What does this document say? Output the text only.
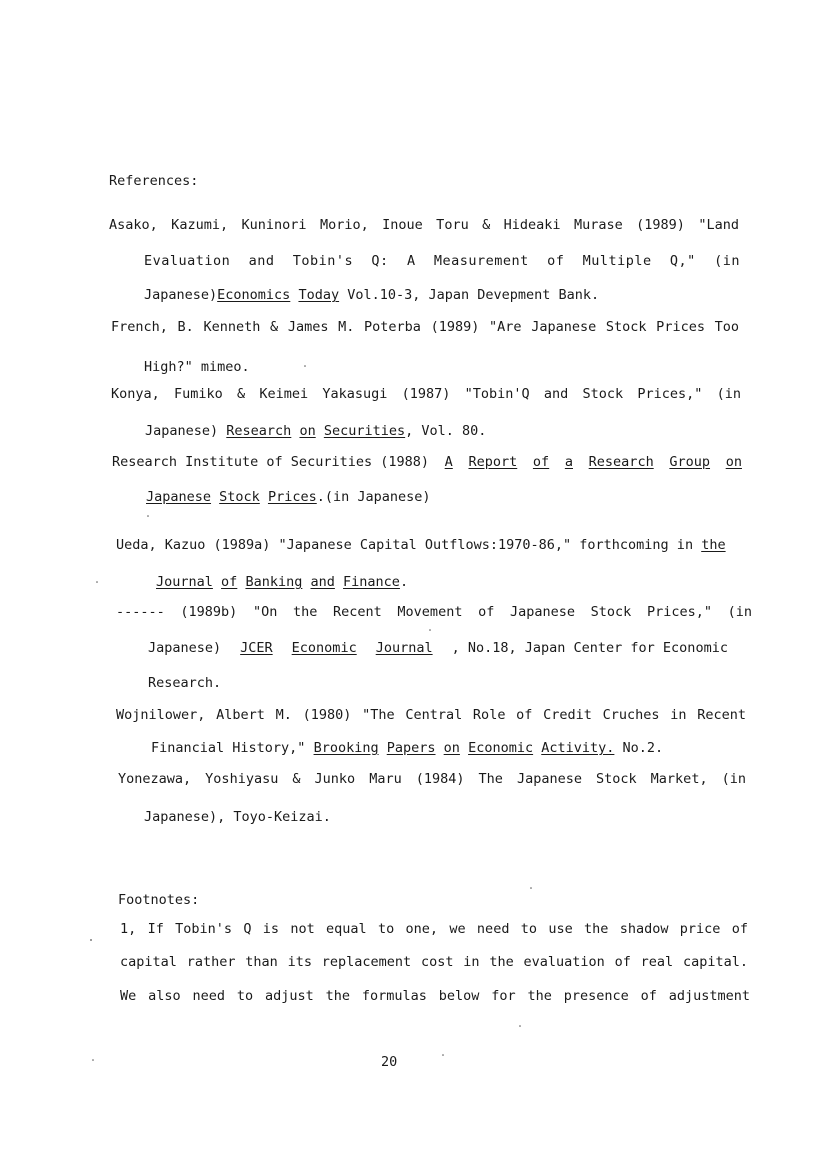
References:
Asako, Kazumi, Kuninori Morio, Inoue Toru & Hideaki Murase (1989) "Land
Evaluation and Tobin's Q: A Measurement of Multiple Q," (in
Japanese)Economics Today Vol.10-3, Japan Devepment Bank.
French, B. Kenneth & James M. Poterba (1989) "Are Japanese Stock Prices Too
High?" mimeo.
Konya, Fumiko & Keimei Yakasugi (1987) "Tobin'Q and Stock Prices," (in
Japanese) Research on Securities, Vol. 80.
Research Institute of Securities (1988) A Report of a Research Group on
Japanese Stock Prices.(in Japanese)
Ueda, Kazuo (1989a) "Japanese Capital Outflows:1970-86," forthcoming in the
Journal of Banking and Finance.
------ (1989b) "On the Recent Movement of Japanese Stock Prices," (in
Japanese) JCER Economic Journal , No.18, Japan Center for Economic
Research.
Wojnilower, Albert M. (1980) "The Central Role of Credit Cruches in Recent
Financial History," Brooking Papers on Economic Activity. No.2.
Yonezawa, Yoshiyasu & Junko Maru (1984) The Japanese Stock Market, (in
Japanese), Toyo-Keizai.
Footnotes:
1, If Tobin's Q is not equal to one, we need to use the shadow price of
capital rather than its replacement cost in the evaluation of real capital.
We also need to adjust the formulas below for the presence of adjustment
20
